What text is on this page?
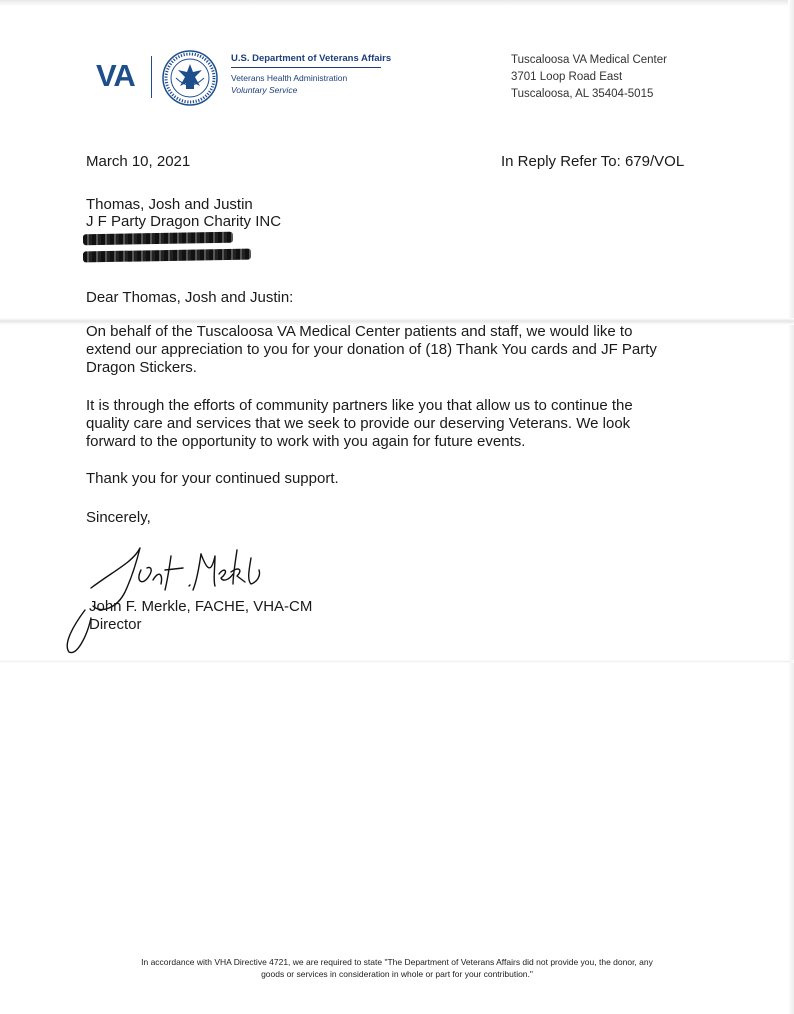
VA	U.S. Department of Veterans Affairs
Veterans Health Administration
Voluntary Service
Tuscaloosa VA Medical Center
3701 Loop Road East
Tuscaloosa, AL 35404-5015
March 10, 2021	In Reply Refer To: 679/VOL
Thomas, Josh and Justin
J F Party Dragon Charity INC
Dear Thomas, Josh and Justin:
On behalf of the Tuscaloosa VA Medical Center patients and staff, we would like to
extend our appreciation to you for your donation of (18) Thank You cards and JF Party
Dragon Stickers.
It is through the efforts of community partners like you that allow us to continue the
quality care and services that we seek to provide our deserving Veterans. We look
forward to the opportunity to work with you again for future events.
Thank you for your continued support.
Sincerely,
John F. Merkle, FACHE, VHA-CM
Director
In accordance with VHA Directive 4721, we are required to state "The Department of Veterans Affairs did not provide you, the donor, any
goods or services in consideration in whole or part for your contribution."
